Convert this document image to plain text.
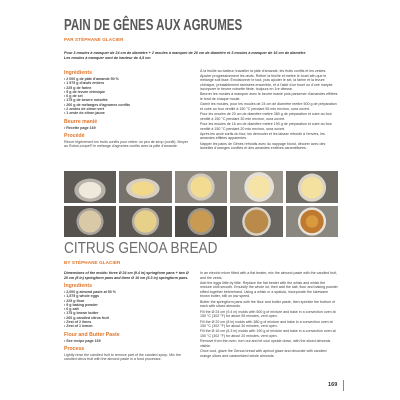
PAIN DE GÊNES AUX AGRUMES
PAR STÉPHANE GLACIER

Pour 3 moules à manquer de 24 cm de diamètre + 2 moules à manquer de 20 cm de diamètre et 3 moules à manquer de 16 cm de diamètre
Les moules à manquer sont de hauteur de 4,5 cm

Ingrédients
• 2 000 g de pâte d'amande 50 %
• 1 575 g d'œufs entiers
• 225 g de farine
• 9 g de levure chimique
• 6 g de sel
• 175 g de beurre noisette
• 260 g de mélanges d'agrumes confits
• 2 zestes de citron vert
• 1 zeste de citron jaune
Beurre manié
• Recette page 169
Procédé

Rincer légèrement les fruits confits pour retirer un peu de sirop (confit). Broyer au Robot-coupe® le mélange d'agrumes confits avec la pâte d'amande.

À la feuille au batteur, travailler la pâte d'amande, les fruits confits et les zestes. Ajouter progressivement les œufs. Retirer la feuille et mettre le fouet afin que le mélange soit lisse. Émulsionner le tout, puis ajouter le sel, la farine et la levure chimique, préalablement tamisées ensemble, et à l'aide d'un fouet ou d'une maryse incorporer le beurre noisette tiède, toujours en 1re vitesse.

Beurrer les moules à manquer avec le beurre manié puis parsemer d'amandes effilées le fond de chaque moule.

Garnir les moules, pour les moules de 24 cm de diamètre mettre 500 g de préparation et cuire au four ventilé à 150 °C pendant 55 min environ, oura ouvert.

Pour les moules de 20 cm de diamètre mettre 380 g de préparation et cuire au four ventilé à 150 °C pendant 30 min environ, oura ouvert.

Pour les moules de 16 cm de diamètre mettre 190 g de préparation et cuire au four ventilé à 150 °C pendant 20 min environ, oura ouvert.

Après les avoir sortis du four, les démouler et les laisser refroidir à l'envers, les amandes effilées apparentes.

Napper les pains de Gênes refroidis avec du nappage blond, décorer avec des lamelles d'oranges confites et des amandes entières caramélisées.

CITRUS GENOA BREAD
BY STÉPHANE GLACIER

Dimensions of the molds: three Ø 24 cm (9.4 in) springform pans + two Ø 20 cm (8 in) springform pans and three Ø 16 cm (6.3 in) springform pans.

Ingredients
• 2,000 g almond paste at 50 %
• 1,575 g whole eggs
• 225 g flour
• 9 g baking powder
• 6 g salt
• 175 g brown butter
• 260 g candied citrus fruit
• Zest of 2 limes
• Zest of 1 lemon
Flour and Butter Paste
• See recipe page 169
Process

Lightly rinse the candied fruit to remove part of the candied syrup. Mix the candied citrus fruit with the almond paste in a food processor.

In an electric mixer fitted with a flat beater, mix the almond paste with the candied fruit, and the zests.

Add the eggs little by little. Replace the flat beater with the whisk and whisk the mixture until smooth. Emulsify the whole lot, then add the salt, flour and baking powder sifted together beforehand. Using a whisk or a spatula, incorporate the lukewarm brown butter, still on low speed.

Butter the springform pans with the flour and butter paste, then sprinkle the bottom of each with sliced almonds.

Fill the Ø 24 cm (9.4 in) molds with 500 g of mixture and bake in a convection oven at 150 °C (302 °F) for about 55 minutes, vent open.

Fill the Ø 20 cm (8 in) molds with 380 g of mixture and bake in a convection oven at 150 °C (302 °F) for about 30 minutes, vent open.

Fill the Ø 16 cm (6.3 in) molds with 190 g of mixture and bake in a convection oven at 150 °C (302 °F) for about 20 minutes, vent open.

Remove from the oven, turn out and let cool upside down, with the sliced almonds visible.

Once cool, glaze the Genoa bread with apricot glaze and decorate with candied orange slices and caramelized whole almonds.

169
